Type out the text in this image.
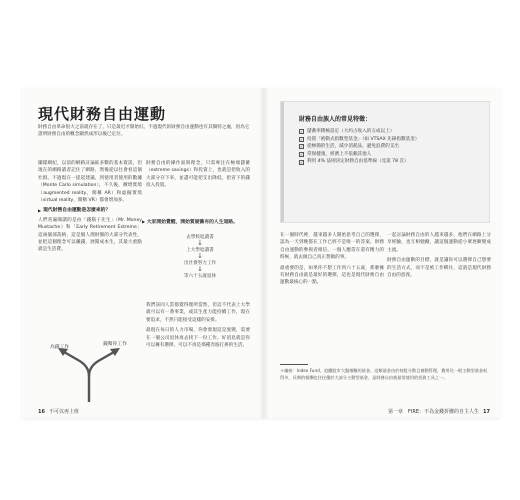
現代財務自由運動
財務自由革命很大之前就存在了，只是最近才開始紅。不過現代的財務自由運動也有其獨特之處，因為它證明財務自由的概念顯然成形以後已定位。

團隊網紀，以前的網路討論區多數的基本資訊，但現在的網路讀者記住了網路，然後從以往會看這個社群。不過現在一提起建議，到使用者使用的數據（Monte Carlo simulation），不久後，擴增實境（augmented reality，簡稱 AR）和虛擬實境（virtual reality，簡稱 VR）都會增加多。

▶ 現代財務自由運動是怎麼來的？

人們普遍閱讀的是由「錢鬍子先生」（Mr. Money Mustache）和「Early Retirement Extreme」這兩個部落格，這是個人理財圈的大部分代表性，並把這個理念可以賺錢，展開成本生，其最大重點就是生活費。

為錢工作
錢幫你工作

財務自由的操作面與理念，只需專注在極端儲蓄（extreme savings）和投資上，也就是把收入的大部分存下來，並盡可能把支出降低，把省下的錢投入投資。

▶ 大家開始覺醒，開始質疑舊有的人生道路。
去學校唸讀書
↓
上大學唸讀書
↓
出社會努力工作
↓
等六十五歲退休

我們該同人當都覺得理所當然，但這不代表上大學就可以有一番事業，或其生產力能持續工作，現在要追求，不然只能接受這樣的安排。

最現在每日的人力市場，你會發現這是異變，需要在一個公司退休再去找下一份工作。好消息就是你可以擁有選擇，可以不再是那種奔波打拼的生活。

16 不可以再上班
財務自由族人的常見特徵：
✓ 儲蓄率積極設定（大約占收入的五成以上）
✓ 投資「被動式指數型基金」（如 VTSAX 先鋒指數基金）
✓ 從極簡的生活，減少消耗品，避免浪費的支出
✓ 常保健康，經濟上不依賴其他人
✓ 利用 4% 法則決定財務自由基準線（見第 78 頁）

在一個時代裡，越來越多人開始思考自己的選擇，認為一天到晚都在工作已經不是唯一的答案。財務自由運動的參與者相信，一個人應當在還有精力的時候，就去做自己真正想做的事。

最重要的是，如果你不想工作到六十五歲，那麼擁有財務自由就是最好的選擇，這也是現代財務自由運動最核心的一點。

一起討論財務自由的人越來越多，他們在網路上分享經驗，也互相勉勵，讓這個運動從小眾逐漸變成主流。

財務自由運動的目標，就是讓你可以選擇自己想要的生活方式，而不是被工作綁住，這就是現代財務自由的意義。

＊編按：Index Fund，追蹤股市大盤指數的基金。這類基金由於持股分散且被動管理，費用比一般主動型基金低得多，長期的報酬也往往優於大部分主動型基金，是財務自由族最常使用的投資工具之一。
第一章　FIRE：不為金錢折腰的自主人生 17
